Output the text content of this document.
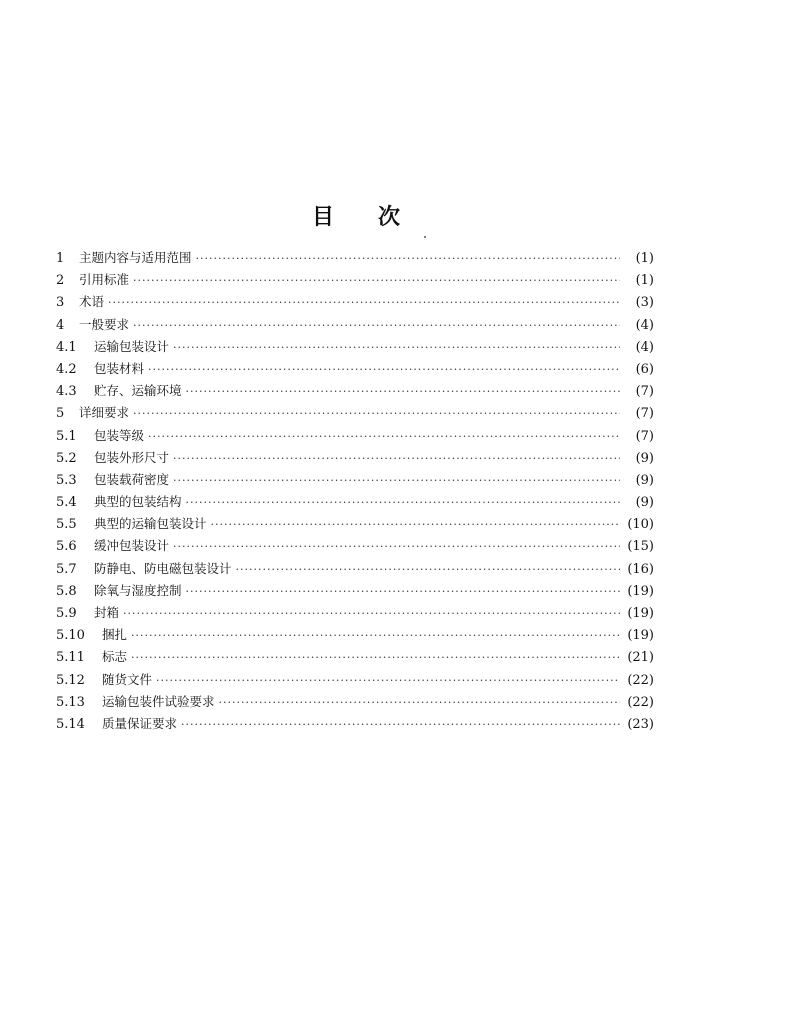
目 次
1	主题内容与适用范围 ·····	(1)
2	引用标准 ·····	(1)
3	术语 ·····	(3)
4	一般要求 ·····	(4)
4.1	运输包装设计 ·····	(4)
4.2	包装材料 ·····	(6)
4.3	贮存、运输环境 ·····	(7)
5	详细要求 ·····	(7)
5.1	包装等级 ·····	(7)
5.2	包装外形尺寸 ·····	(9)
5.3	包装载荷密度 ·····	(9)
5.4	典型的包装结构 ·····	(9)
5.5	典型的运输包装设计 ·····	(10)
5.6	缓冲包装设计 ·····	(15)
5.7	防静电、防电磁包装设计 ·····	(16)
5.8	除氧与湿度控制 ·····	(19)
5.9	封箱 ·····	(19)
5.10	捆扎 ·····	(19)
5.11	标志 ·····	(21)
5.12	随货文件 ·····	(22)
5.13	运输包装件试验要求 ·····	(22)
5.14	质量保证要求 ·····	(23)
